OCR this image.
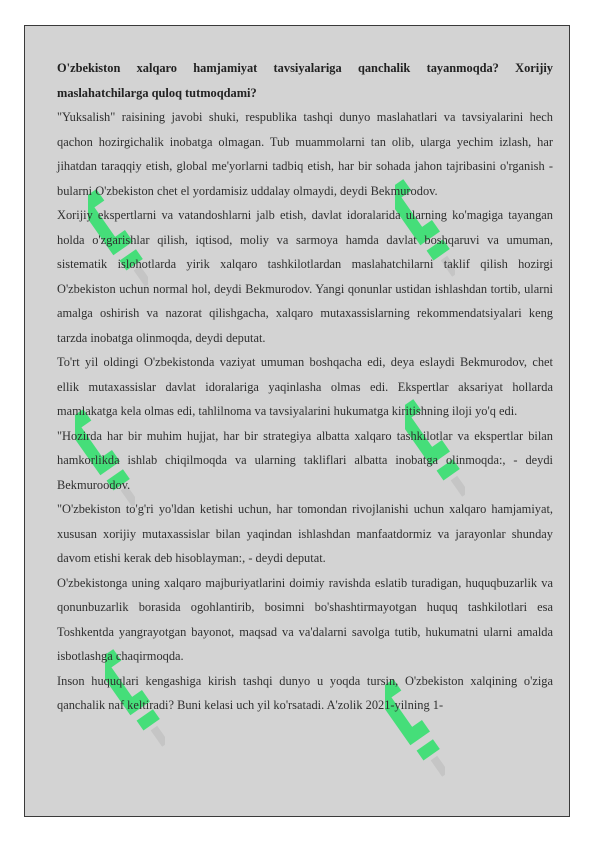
O'zbekiston xalqaro hamjamiyat tavsiyalariga qanchalik tayanmoqda? Xorijiy maslahatchilarga quloq tutmoqdami?

"Yuksalish" raisining javobi shuki, respublika tashqi dunyo maslahatlari va tavsiyalarini hech qachon hozirgichalik inobatga olmagan. Tub muammolarni tan olib, ularga yechim izlash, har jihatdan taraqqiy etish, global me'yorlarni tadbiq etish, har bir sohada jahon tajribasini o'rganish - bularni O'zbekiston chet el yordamisiz uddalay olmaydi, deydi Bekmurodov.

Xorijiy ekspertlarni va vatandoshlarni jalb etish, davlat idoralarida ularning ko'magiga tayangan holda o'zgarishlar qilish, iqtisod, moliy va sarmoya hamda davlat boshqaruvi va umuman, sistematik islohotlarda yirik xalqaro tashkilotlardan maslahatchilarni taklif qilish hozirgi O'zbekiston uchun normal hol, deydi Bekmurodov. Yangi qonunlar ustidan ishlashdan tortib, ularni amalga oshirish va nazorat qilishgacha, xalqaro mutaxassislarning rekommendatsiyalari keng tarzda inobatga olinmoqda, deydi deputat.

To'rt yil oldingi O'zbekistonda vaziyat umuman boshqacha edi, deya eslaydi Bekmurodov, chet ellik mutaxassislar davlat idoralariga yaqinlasha olmas edi. Ekspertlar aksariyat hollarda mamlakatga kela olmas edi, tahlilnoma va tavsiyalarini hukumatga kiritishning iloji yo'q edi.

"Hozirda har bir muhim hujjat, har bir strategiya albatta xalqaro tashkilotlar va ekspertlar bilan hamkorlikda ishlab chiqilmoqda va ularning takliflari albatta inobatga olinmoqda:, - deydi Bekmuroodov.

"O'zbekiston to'g'ri yo'ldan ketishi uchun, har tomondan rivojlanishi uchun xalqaro hamjamiyat, xususan xorijiy mutaxassislar bilan yaqindan ishlashdan manfaatdormiz va jarayonlar shunday davom etishi kerak deb hisoblayman:, - deydi deputat.

O'zbekistonga uning xalqaro majburiyatlarini doimiy ravishda eslatib turadigan, huquqbuzarlik va qonunbuzarlik borasida ogohlantirib, bosimni bo'shashtirmayotgan huquq tashkilotlari esa Toshkentda yangrayotgan bayonot, maqsad va va'dalarni savolga tutib, hukumatni ularni amalda isbotlashga chaqirmoqda.

Inson huquqlari kengashiga kirish tashqi dunyo u yoqda tursin, O'zbekiston xalqining o'ziga qanchalik naf keltiradi? Buni kelasi uch yil ko'rsatadi. A'zolik 2021-yilning 1-
